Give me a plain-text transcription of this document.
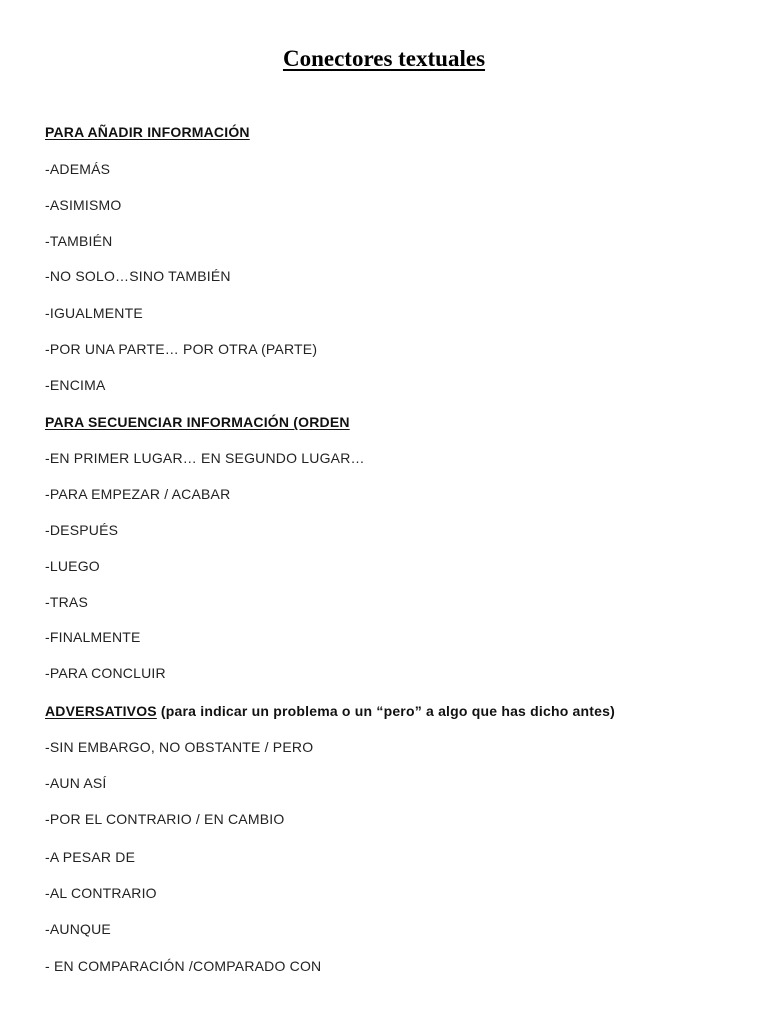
Conectores textuales
PARA AÑADIR INFORMACIÓN
-ADEMÁS
-ASIMISMO
-TAMBIÉN
-NO SOLO…SINO TAMBIÉN
-IGUALMENTE
-POR UNA PARTE… POR OTRA (PARTE)
-ENCIMA
PARA SECUENCIAR INFORMACIÓN (ORDEN
-EN PRIMER LUGAR… EN SEGUNDO LUGAR…
-PARA EMPEZAR / ACABAR
-DESPUÉS
-LUEGO
-TRAS
-FINALMENTE
-PARA CONCLUIR
ADVERSATIVOS (para indicar un problema o un “pero” a algo que has dicho antes)
-SIN EMBARGO, NO OBSTANTE / PERO
-AUN ASÍ
-POR EL CONTRARIO / EN CAMBIO
-A PESAR DE
-AL CONTRARIO
-AUNQUE
- EN COMPARACIÓN /COMPARADO CON
